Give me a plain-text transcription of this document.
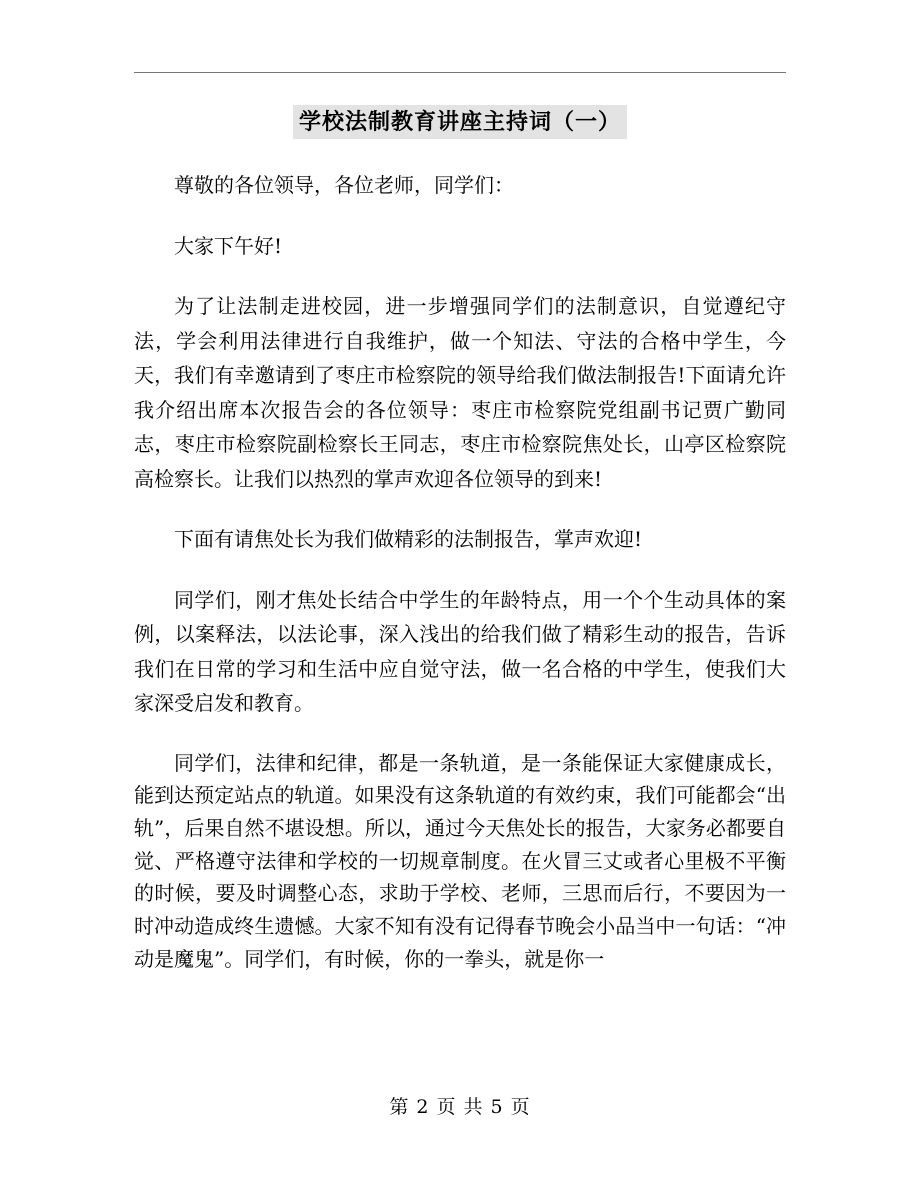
学校法制教育讲座主持词（一）

尊敬的各位领导，各位老师，同学们：

大家下午好!

为了让法制走进校园，进一步增强同学们的法制意识，自觉遵纪守法，学会利用法律进行自我维护，做一个知法、守法的合格中学生，今天，我们有幸邀请到了枣庄市检察院的领导给我们做法制报告!下面请允许我介绍出席本次报告会的各位领导：枣庄市检察院党组副书记贾广勤同志，枣庄市检察院副检察长王同志，枣庄市检察院焦处长，山亭区检察院高检察长。让我们以热烈的掌声欢迎各位领导的到来!

下面有请焦处长为我们做精彩的法制报告，掌声欢迎!

同学们，刚才焦处长结合中学生的年龄特点，用一个个生动具体的案例，以案释法，以法论事，深入浅出的给我们做了精彩生动的报告，告诉我们在日常的学习和生活中应自觉守法，做一名合格的中学生，使我们大家深受启发和教育。

同学们，法律和纪律，都是一条轨道，是一条能保证大家健康成长，能到达预定站点的轨道。如果没有这条轨道的有效约束，我们可能都会“出轨”，后果自然不堪设想。所以，通过今天焦处长的报告，大家务必都要自觉、严格遵守法律和学校的一切规章制度。在火冒三丈或者心里极不平衡的时候，要及时调整心态，求助于学校、老师，三思而后行，不要因为一时冲动造成终生遗憾。大家不知有没有记得春节晚会小品当中一句话：“冲动是魔鬼”。同学们，有时候，你的一拳头，就是你一

第 2 页 共 5 页
